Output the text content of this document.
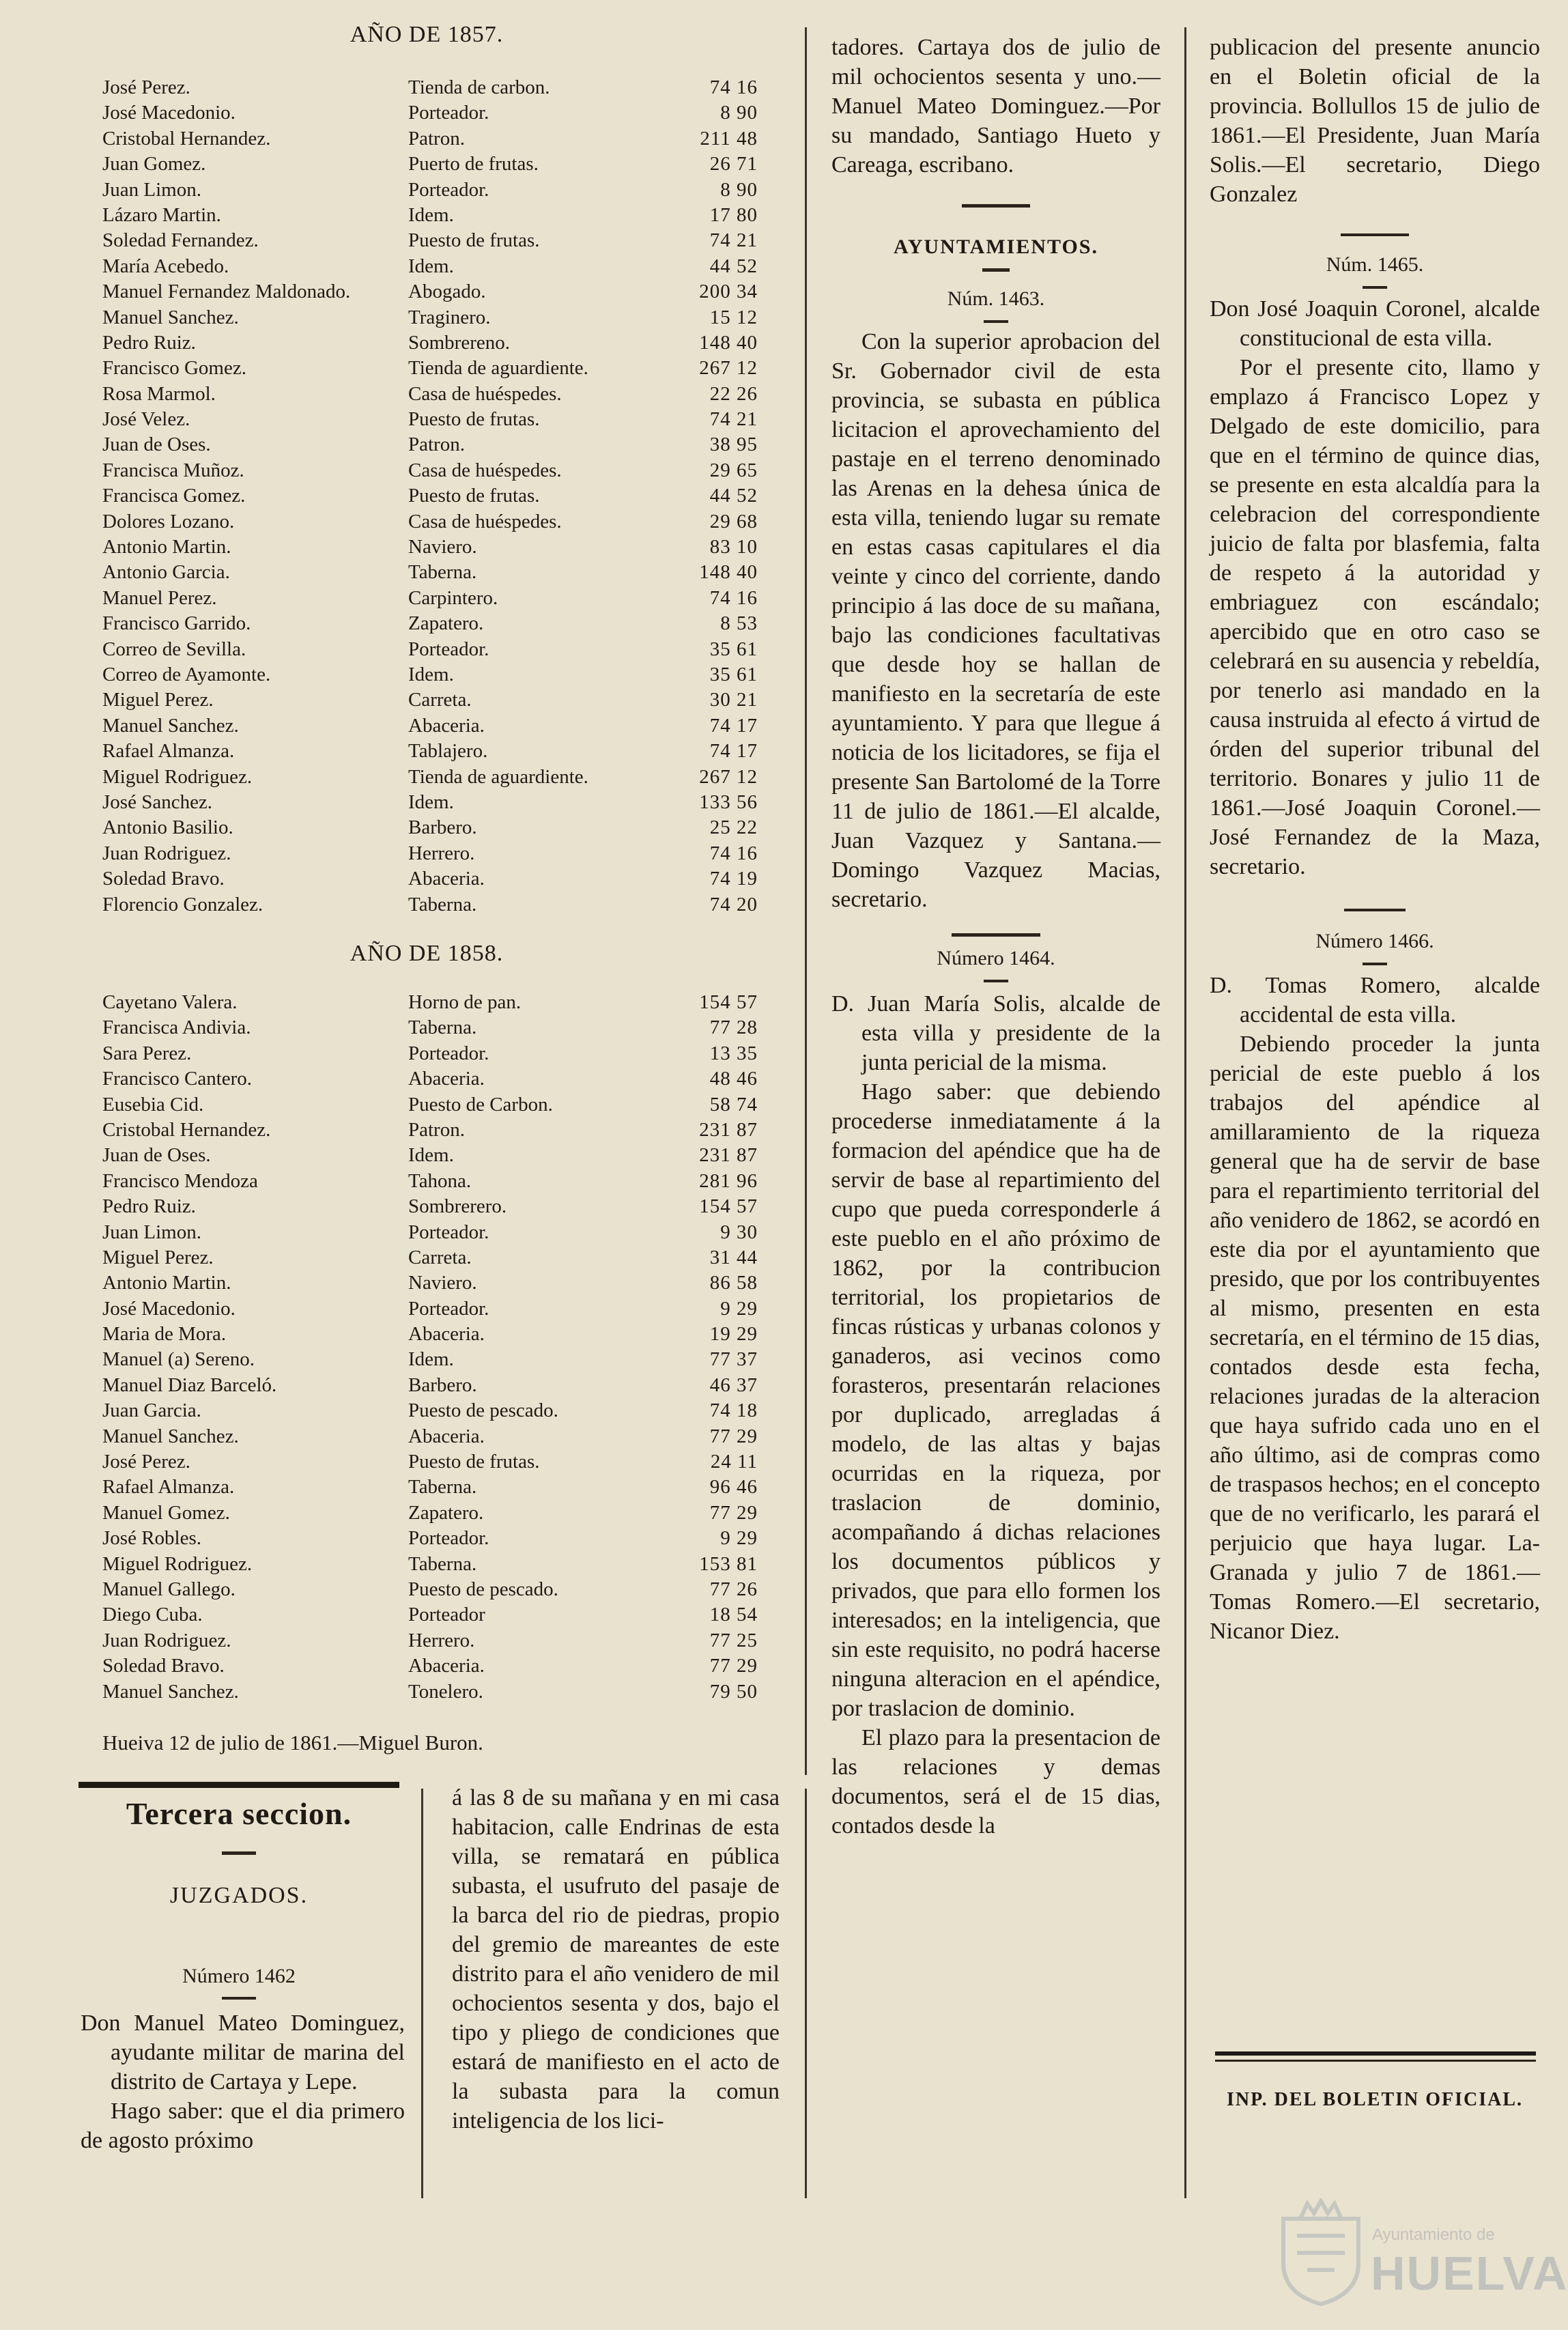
AÑO DE 1857.
José Perez.	Tienda de carbon.	74 16
José Macedonio.	Porteador.	8 90
Cristobal Hernandez.	Patron.	211 48
Juan Gomez.	Puerto de frutas.	26 71
Juan Limon.	Porteador.	8 90
Lázaro Martin.	Idem.	17 80
Soledad Fernandez.	Puesto de frutas.	74 21
María Acebedo.	Idem.	44 52
Manuel Fernandez Maldonado.	Abogado.	200 34
Manuel Sanchez.	Traginero.	15 12
Pedro Ruiz.	Sombrereno.	148 40
Francisco Gomez.	Tienda de aguardiente.	267 12
Rosa Marmol.	Casa de huéspedes.	22 26
José Velez.	Puesto de frutas.	74 21
Juan de Oses.	Patron.	38 95
Francisca Muñoz.	Casa de huéspedes.	29 65
Francisca Gomez.	Puesto de frutas.	44 52
Dolores Lozano.	Casa de huéspedes.	29 68
Antonio Martin.	Naviero.	83 10
Antonio Garcia.	Taberna.	148 40
Manuel Perez.	Carpintero.	74 16
Francisco Garrido.	Zapatero.	8 53
Correo de Sevilla.	Porteador.	35 61
Correo de Ayamonte.	Idem.	35 61
Miguel Perez.	Carreta.	30 21
Manuel Sanchez.	Abaceria.	74 17
Rafael Almanza.	Tablajero.	74 17
Miguel Rodriguez.	Tienda de aguardiente.	267 12
José Sanchez.	Idem.	133 56
Antonio Basilio.	Barbero.	25 22
Juan Rodriguez.	Herrero.	74 16
Soledad Bravo.	Abaceria.	74 19
Florencio Gonzalez.	Taberna.	74 20
AÑO DE 1858.
Cayetano Valera.	Horno de pan.	154 57
Francisca Andivia.	Taberna.	77 28
Sara Perez.	Porteador.	13 35
Francisco Cantero.	Abaceria.	48 46
Eusebia Cid.	Puesto de Carbon.	58 74
Cristobal Hernandez.	Patron.	231 87
Juan de Oses.	Idem.	231 87
Francisco Mendoza	Tahona.	281 96
Pedro Ruiz.	Sombrerero.	154 57
Juan Limon.	Porteador.	9 30
Miguel Perez.	Carreta.	31 44
Antonio Martin.	Naviero.	86 58
José Macedonio.	Porteador.	9 29
Maria de Mora.	Abaceria.	19 29
Manuel (a) Sereno.	Idem.	77 37
Manuel Diaz Barceló.	Barbero.	46 37
Juan Garcia.	Puesto de pescado.	74 18
Manuel Sanchez.	Abaceria.	77 29
José Perez.	Puesto de frutas.	24 11
Rafael Almanza.	Taberna.	96 46
Manuel Gomez.	Zapatero.	77 29
José Robles.	Porteador.	9 29
Miguel Rodriguez.	Taberna.	153 81
Manuel Gallego.	Puesto de pescado.	77 26
Diego Cuba.	Porteador	18 54
Juan Rodriguez.	Herrero.	77 25
Soledad Bravo.	Abaceria.	77 29
Manuel Sanchez.	Tonelero.	79 50
Hueiva 12 de julio de 1861.—Miguel Buron.
Tercera seccion.
JUZGADOS.
Número 1462

Don Manuel Mateo Dominguez, ayudante militar de marina del distrito de Cartaya y Lepe.

Hago saber: que el dia primero de agosto próximo

á las 8 de su mañana y en mi casa habitacion, calle Endrinas de esta villa, se rematará en pública subasta, el usufruto del pasaje de la barca del rio de piedras, propio del gremio de mareantes de este distrito para el año venidero de mil ochocientos sesenta y dos, bajo el tipo y pliego de condiciones que estará de manifiesto en el acto de la subasta para la comun inteligencia de los lici-

tadores. Cartaya dos de julio de mil ochocientos sesenta y uno.—Manuel Mateo Dominguez.—Por su mandado, Santiago Hueto y Careaga, escribano.

AYUNTAMIENTOS.

Núm. 1463.

Con la superior aprobacion del Sr. Gobernador civil de esta provincia, se subasta en pública licitacion el aprovechamiento del pastaje en el terreno denominado las Arenas en la dehesa única de esta villa, teniendo lugar su remate en estas casas capitulares el dia veinte y cinco del corriente, dando principio á las doce de su mañana, bajo las condiciones facultativas que desde hoy se hallan de manifiesto en la secretaría de este ayuntamiento. Y para que llegue á noticia de los licitadores, se fija el presente San Bartolomé de la Torre 11 de julio de 1861.—El alcalde, Juan Vazquez y Santana.—Domingo Vazquez Macias, secretario.

Número 1464.

D. Juan María Solis, alcalde de esta villa y presidente de la junta pericial de la misma.

Hago saber: que debiendo procederse inmediatamente á la formacion del apéndice que ha de servir de base al repartimiento del cupo que pueda corresponderle á este pueblo en el año próximo de 1862, por la contribucion territorial, los propietarios de fincas rústicas y urbanas colonos y ganaderos, asi vecinos como forasteros, presentarán relaciones por duplicado, arregladas á modelo, de las altas y bajas ocurridas en la riqueza, por traslacion de dominio, acompañando á dichas relaciones los documentos públicos y privados, que para ello formen los interesados; en la inteligencia, que sin este requisito, no podrá hacerse ninguna alteracion en el apéndice, por traslacion de dominio.

El plazo para la presentacion de las relaciones y demas documentos, será el de 15 dias, contados desde la

publicacion del presente anuncio en el Boletin oficial de la provincia. Bollullos 15 de julio de 1861.—El Presidente, Juan María Solis.—El secretario, Diego Gonzalez

Núm. 1465.

Don José Joaquin Coronel, alcalde constitucional de esta villa.

Por el presente cito, llamo y emplazo á Francisco Lopez y Delgado de este domicilio, para que en el término de quince dias, se presente en esta alcaldía para la celebracion del correspondiente juicio de falta por blasfemia, falta de respeto á la autoridad y embriaguez con escándalo; apercibido que en otro caso se celebrará en su ausencia y rebeldía, por tenerlo asi mandado en la causa instruida al efecto á virtud de órden del superior tribunal del territorio. Bonares y julio 11 de 1861.—José Joaquin Coronel.—José Fernandez de la Maza, secretario.

Número 1466.

D. Tomas Romero, alcalde accidental de esta villa.

Debiendo proceder la junta pericial de este pueblo á los trabajos del apéndice al amillaramiento de la riqueza general que ha de servir de base para el repartimiento territorial del año venidero de 1862, se acordó en este dia por el ayuntamiento que presido, que por los contribuyentes al mismo, presenten en esta secretaría, en el término de 15 dias, contados desde esta fecha, relaciones juradas de la alteracion que haya sufrido cada uno en el año último, asi de compras como de traspasos hechos; en el concepto que de no verificarlo, les parará el perjuicio que haya lugar. La-Granada y julio 7 de 1861.—Tomas Romero.—El secretario, Nicanor Diez.

INP. DEL BOLETIN OFICIAL.
Ayuntamiento de
HUELVA
